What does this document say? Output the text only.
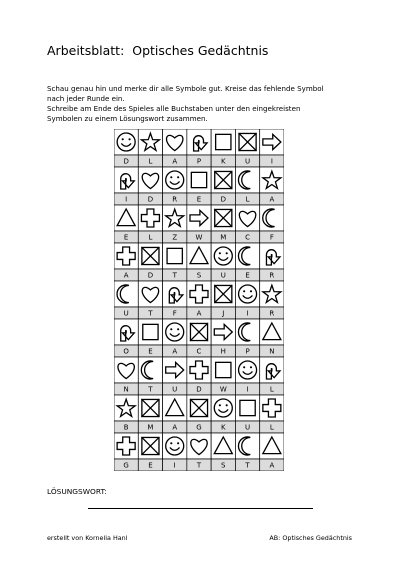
Arbeitsblatt:  Optisches Gedächtnis
Schau genau hin und merke dir alle Symbole gut. Kreise das fehlende Symbol
nach jeder Runde ein.
Schreibe am Ende des Spieles alle Buchstaben unter den eingekreisten
Symbolen zu einem Lösungswort zusammen.
D	L	A	P	K	U	I
I	D	R	E	D	L	A
E	L	Z	W	M	C	F
A	D	T	S	U	E	R
U	T	F	A	J	I	R
O	E	A	C	H	P	N
N	T	U	D	W	I	L
B	M	A	G	K	U	L
G	E	I	T	S	T	A
LÖSUNGSWORT:
erstellt von Kornelia Hanl	AB: Optisches Gedächtnis
